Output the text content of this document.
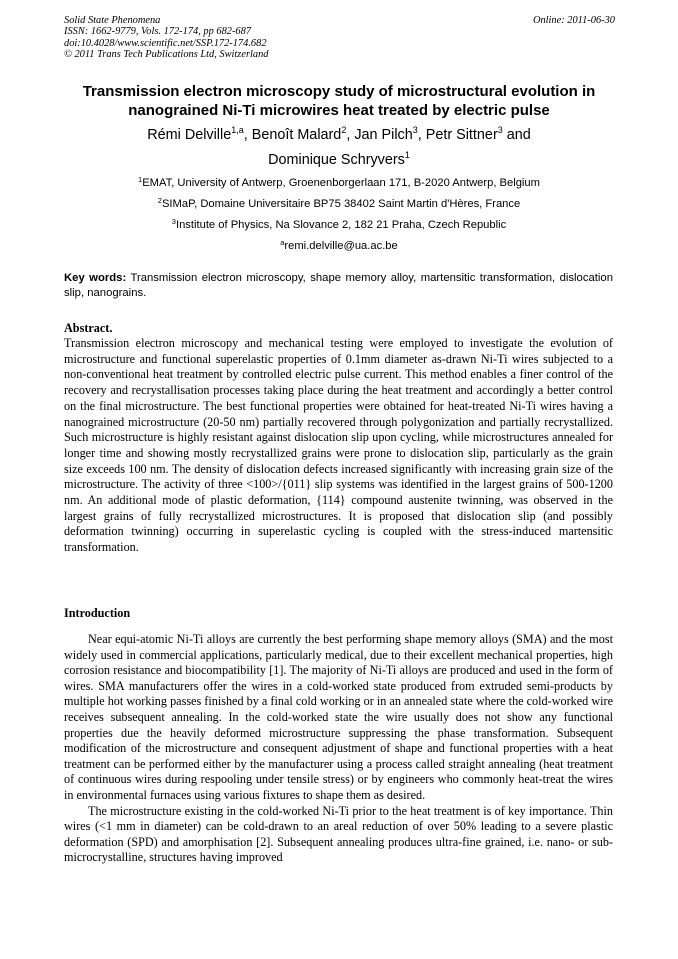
Solid State Phenomena
ISSN: 1662-9779, Vols. 172-174, pp 682-687
doi:10.4028/www.scientific.net/SSP.172-174.682
© 2011 Trans Tech Publications Ltd, Switzerland
Online: 2011-06-30
Transmission electron microscopy study of microstructural evolution in nanograined Ni-Ti microwires heat treated by electric pulse
Rémi Delville$^{1,a}$, Benoît Malard$^2$, Jan Pilch$^3$, Petr Sittner$^3$ and
Dominique Schryvers$^1$
$^1$EMAT, University of Antwerp, Groenenborgerlaan 171, B-2020 Antwerp, Belgium
$^2$SIMaP, Domaine Universitaire BP75 38402 Saint Martin d'Hères, France
$^3$Institute of Physics, Na Slovance 2, 182 21 Praha, Czech Republic
$^a$remi.delville@ua.ac.be
Key words: Transmission electron microscopy, shape memory alloy, martensitic transformation, dislocation slip, nanograins.
Abstract.
Transmission electron microscopy and mechanical testing were employed to investigate the evolution of microstructure and functional superelastic properties of 0.1mm diameter as-drawn Ni-Ti wires subjected to a non-conventional heat treatment by controlled electric pulse current. This method enables a finer control of the recovery and recrystallisation processes taking place during the heat treatment and accordingly a better control on the final microstructure. The best functional properties were obtained for heat-treated Ni-Ti wires having a nanograined microstructure (20-50 nm) partially recovered through polygonization and partially recrystallized. Such microstructure is highly resistant against dislocation slip upon cycling, while microstructures annealed for longer time and showing mostly recrystallized grains were prone to dislocation slip, particularly as the grain size exceeds 100 nm. The density of dislocation defects increased significantly with increasing grain size of the microstructure. The activity of three <100>/{011} slip systems was identified in the largest grains of 500-1200 nm. An additional mode of plastic deformation, {114} compound austenite twinning, was observed in the largest grains of fully recrystallized microstructures. It is proposed that dislocation slip (and possibly deformation twinning) occurring in superelastic cycling is coupled with the stress-induced martensitic transformation.
Introduction

Near equi-atomic Ni-Ti alloys are currently the best performing shape memory alloys (SMA) and the most widely used in commercial applications, particularly medical, due to their excellent mechanical properties, high corrosion resistance and biocompatibility [1]. The majority of Ni-Ti alloys are produced and used in the form of wires. SMA manufacturers offer the wires in a cold-worked state produced from extruded semi-products by multiple hot working passes finished by a final cold working or in an annealed state where the cold-worked wire receives subsequent annealing. In the cold-worked state the wire usually does not show any functional properties due the heavily deformed microstructure suppressing the phase transformation. Subsequent modification of the microstructure and consequent adjustment of shape and functional properties with a heat treatment can be performed either by the manufacturer using a process called straight annealing (heat treatment of continuous wires during respooling under tensile stress) or by engineers who commonly heat-treat the wires in environmental furnaces using various fixtures to shape them as desired.

The microstructure existing in the cold-worked Ni-Ti prior to the heat treatment is of key importance. Thin wires (<1 mm in diameter) can be cold-drawn to an areal reduction of over 50% leading to a severe plastic deformation (SPD) and amorphisation [2]. Subsequent annealing produces ultra-fine grained, i.e. nano- or sub-microcrystalline, structures having improved
